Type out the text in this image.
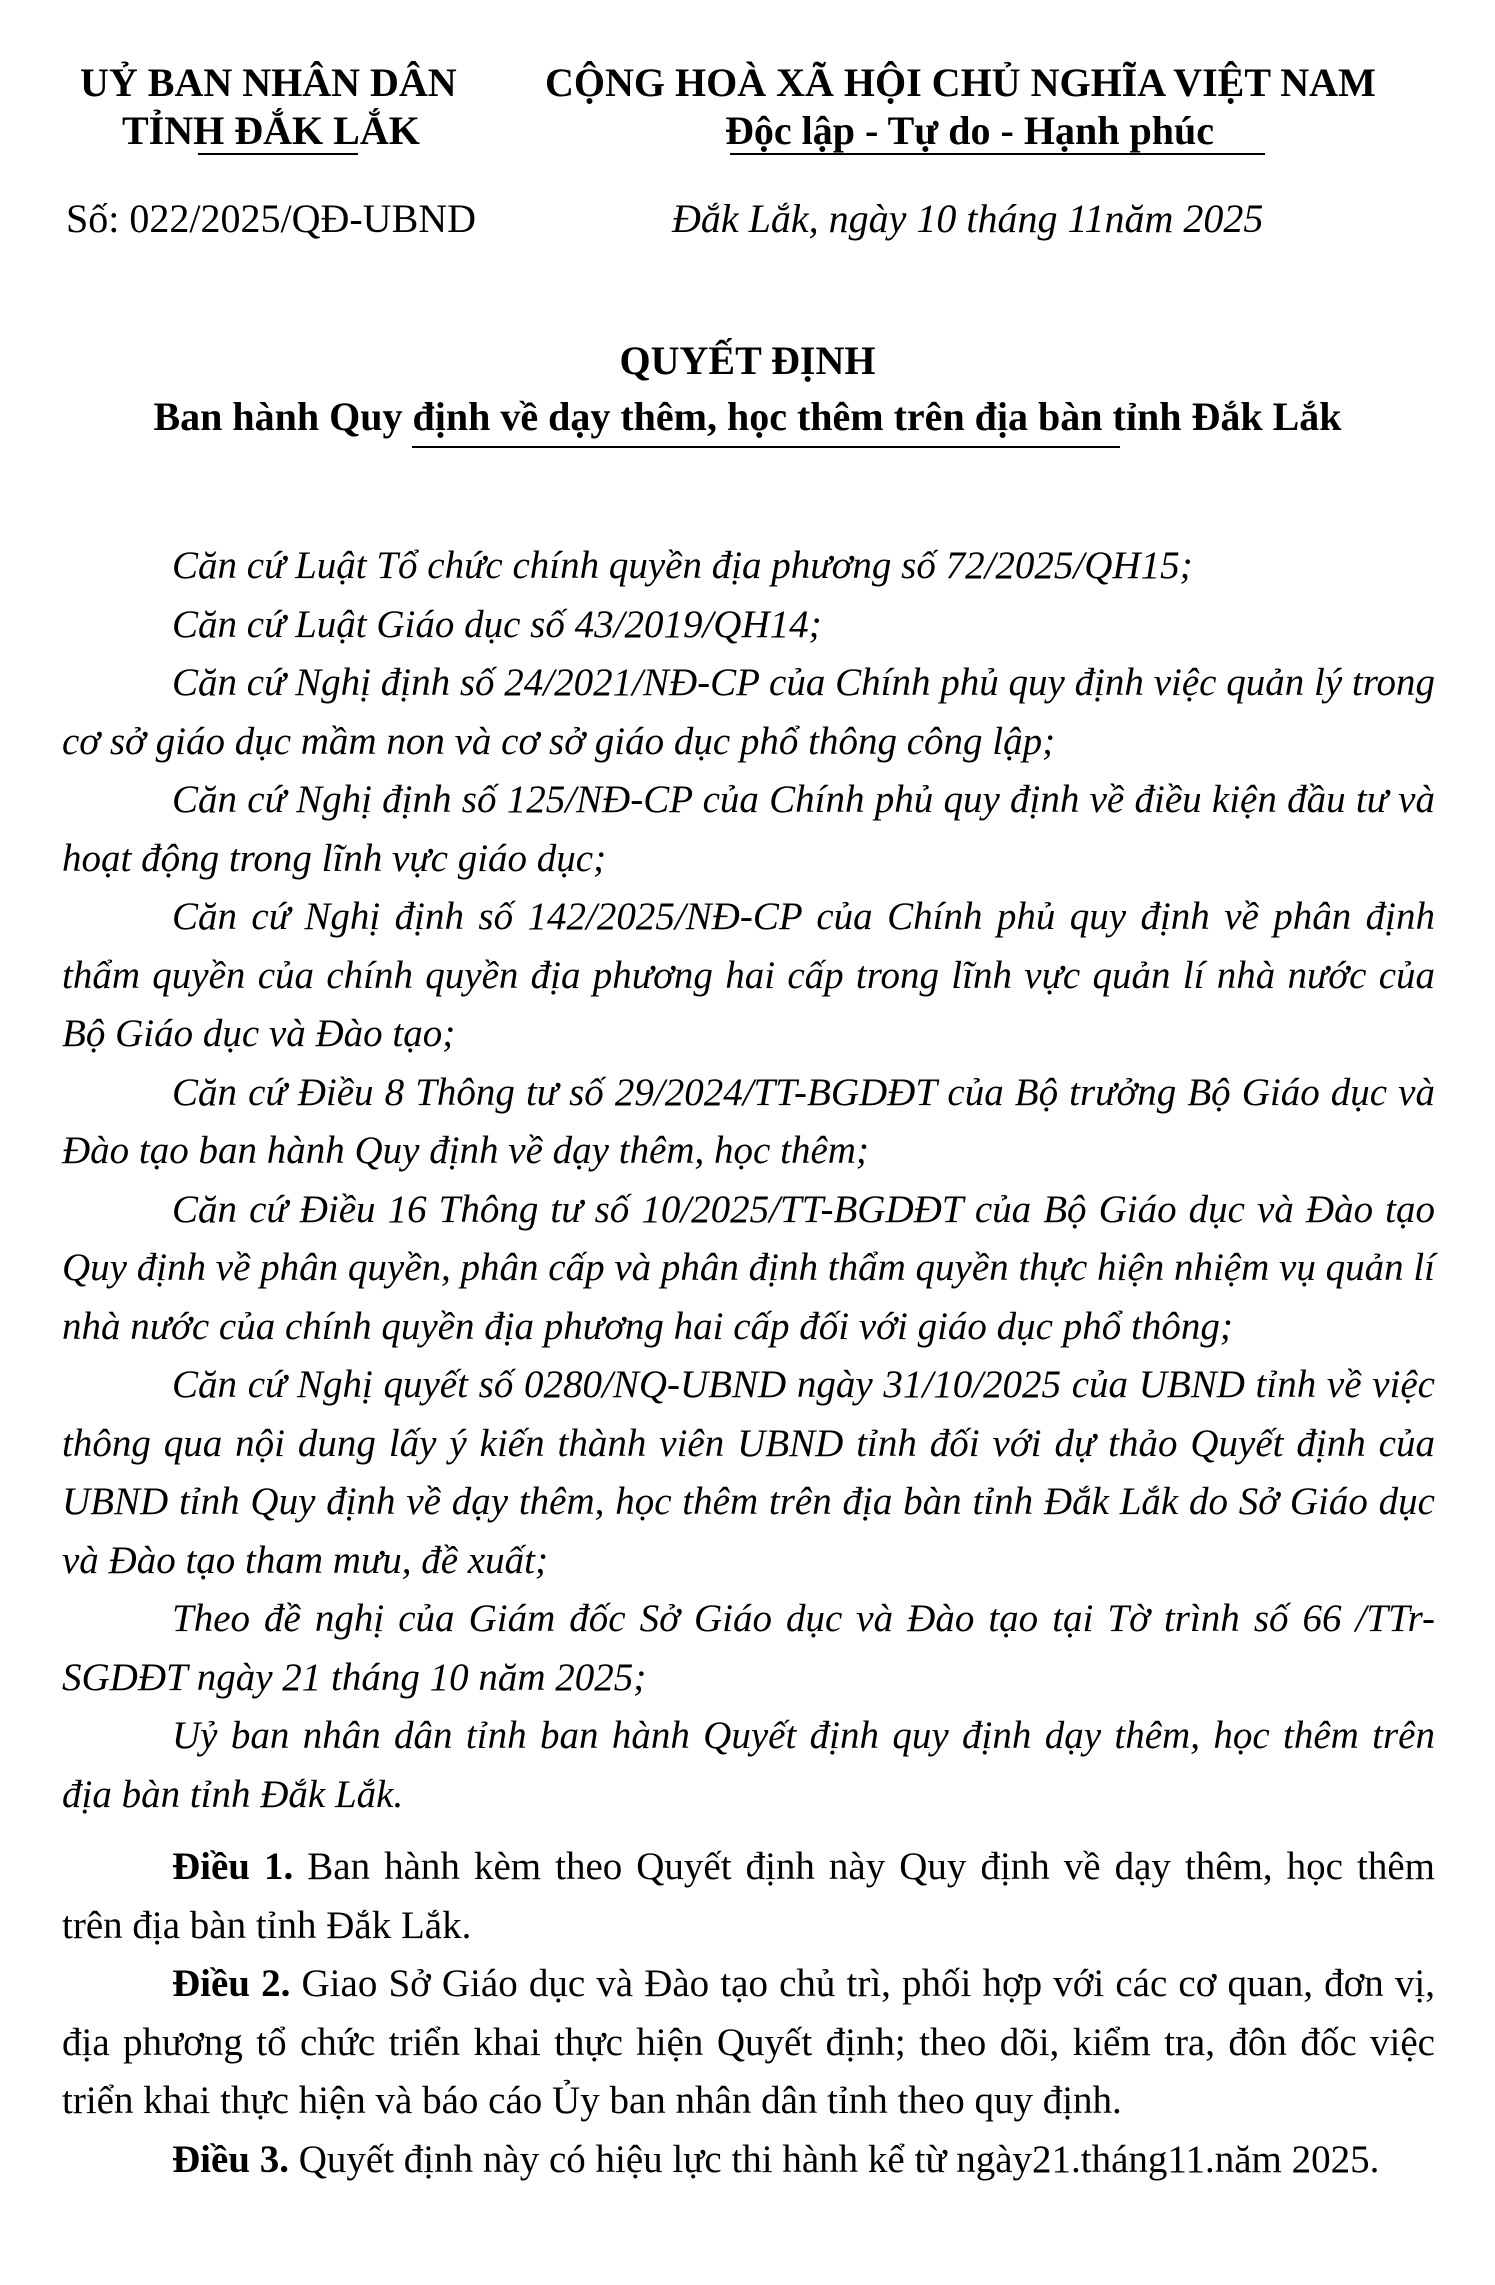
UỶ BAN NHÂN DÂN
TỈNH ĐẮK LẮK
CỘNG HOÀ XÃ HỘI CHỦ NGHĨA VIỆT NAM
Độc lập - Tự do - Hạnh phúc
Số: 022/2025/QĐ-UBND	Đắk Lắk, ngày 10 tháng 11năm 2025
QUYẾT ĐỊNH
Ban hành Quy định về dạy thêm, học thêm trên địa bàn tỉnh Đắk Lắk

Căn cứ Luật Tổ chức chính quyền địa phương số 72/2025/QH15;

Căn cứ Luật Giáo dục số 43/2019/QH14;

Căn cứ Nghị định số 24/2021/NĐ-CP của Chính phủ quy định việc quản lý trong cơ sở giáo dục mầm non và cơ sở giáo dục phổ thông công lập;

Căn cứ Nghị định số 125/NĐ-CP của Chính phủ quy định về điều kiện đầu tư và hoạt động trong lĩnh vực giáo dục;

Căn cứ Nghị định số 142/2025/NĐ-CP của Chính phủ quy định về phân định thẩm quyền của chính quyền địa phương hai cấp trong lĩnh vực quản lí nhà nước của Bộ Giáo dục và Đào tạo;

Căn cứ Điều 8 Thông tư số 29/2024/TT-BGDĐT của Bộ trưởng Bộ Giáo dục và Đào tạo ban hành Quy định về dạy thêm, học thêm;

Căn cứ Điều 16 Thông tư số 10/2025/TT-BGDĐT của Bộ Giáo dục và Đào tạo Quy định về phân quyền, phân cấp và phân định thẩm quyền thực hiện nhiệm vụ quản lí nhà nước của chính quyền địa phương hai cấp đối với giáo dục phổ thông;

Căn cứ Nghị quyết số 0280/NQ-UBND ngày 31/10/2025 của UBND tỉnh về việc thông qua nội dung lấy ý kiến thành viên UBND tỉnh đối với dự thảo Quyết định của UBND tỉnh Quy định về dạy thêm, học thêm trên địa bàn tỉnh Đắk Lắk do Sở Giáo dục và Đào tạo tham mưu, đề xuất;

Theo đề nghị của Giám đốc Sở Giáo dục và Đào tạo tại Tờ trình số 66 /TTr-SGDĐT ngày 21 tháng 10 năm 2025;

Uỷ ban nhân dân tỉnh ban hành Quyết định quy định dạy thêm, học thêm trên địa bàn tỉnh Đắk Lắk.

Điều 1. Ban hành kèm theo Quyết định này Quy định về dạy thêm, học thêm trên địa bàn tỉnh Đắk Lắk.

Điều 2. Giao Sở Giáo dục và Đào tạo chủ trì, phối hợp với các cơ quan, đơn vị, địa phương tổ chức triển khai thực hiện Quyết định; theo dõi, kiểm tra, đôn đốc việc triển khai thực hiện và báo cáo Ủy ban nhân dân tỉnh theo quy định.

Điều 3. Quyết định này có hiệu lực thi hành kể từ ngày21.tháng11.năm 2025.
